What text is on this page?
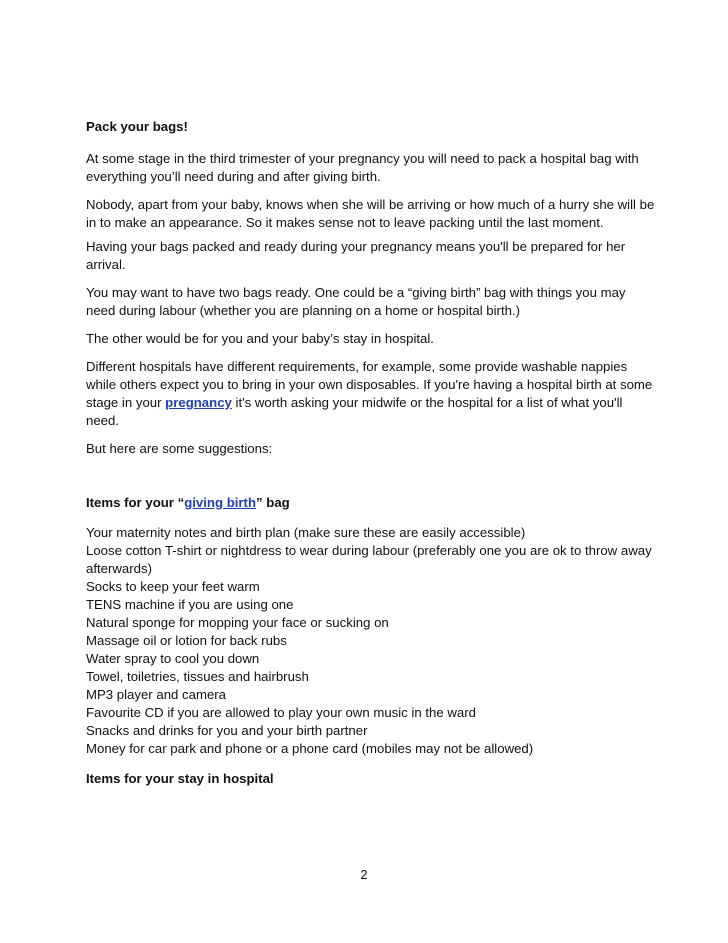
Pack your bags!

At some stage in the third trimester of your pregnancy you will need to pack a hospital bag with everything you’ll need during and after giving birth.

Nobody, apart from your baby, knows when she will be arriving or how much of a hurry she will be in to make an appearance. So it makes sense not to leave packing until the last moment.

Having your bags packed and ready during your pregnancy means you'll be prepared for her arrival.

You may want to have two bags ready. One could be a “giving birth” bag with things you may need during labour (whether you are planning on a home or hospital birth.)

The other would be for you and your baby’s stay in hospital.

Different hospitals have different requirements, for example, some provide washable nappies while others expect you to bring in your own disposables. If you're having a hospital birth at some stage in your pregnancy it's worth asking your midwife or the hospital for a list of what you'll need.

But here are some suggestions:

Items for your “giving birth” bag

Your maternity notes and birth plan (make sure these are easily accessible)
Loose cotton T-shirt or nightdress to wear during labour (preferably one you are ok to throw away afterwards)
Socks to keep your feet warm
TENS machine if you are using one
Natural sponge for mopping your face or sucking on
Massage oil or lotion for back rubs
Water spray to cool you down
Towel, toiletries, tissues and hairbrush
MP3 player and camera
Favourite CD if you are allowed to play your own music in the ward
Snacks and drinks for you and your birth partner
Money for car park and phone or a phone card (mobiles may not be allowed)

Items for your stay in hospital

2
